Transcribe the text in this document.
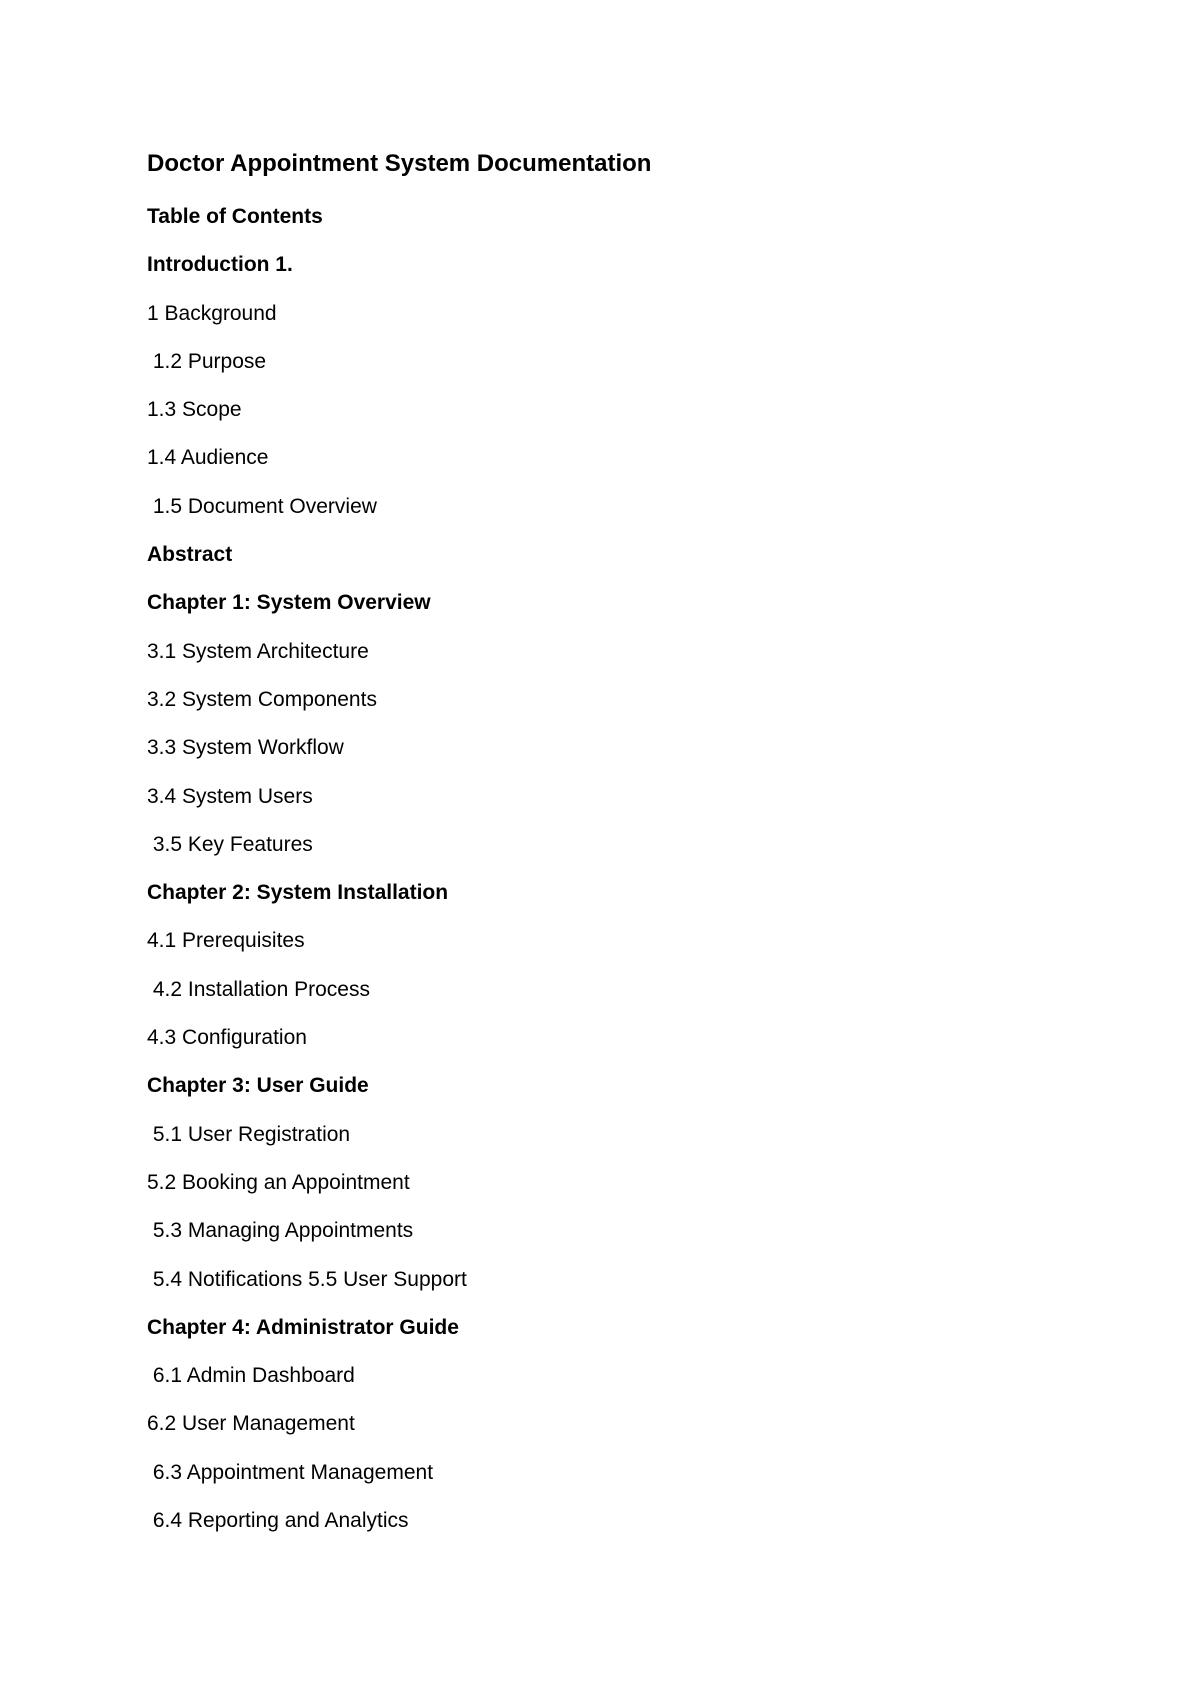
Doctor Appointment System Documentation
Table of Contents
Introduction 1.
1 Background
1.2 Purpose
1.3 Scope
1.4 Audience
1.5 Document Overview
Abstract
Chapter 1: System Overview
3.1 System Architecture
3.2 System Components
3.3 System Workflow
3.4 System Users
3.5 Key Features
Chapter 2: System Installation
4.1 Prerequisites
4.2 Installation Process
4.3 Configuration
Chapter 3: User Guide
5.1 User Registration
5.2 Booking an Appointment
5.3 Managing Appointments
5.4 Notifications 5.5 User Support
Chapter 4: Administrator Guide
6.1 Admin Dashboard
6.2 User Management
6.3 Appointment Management
6.4 Reporting and Analytics
